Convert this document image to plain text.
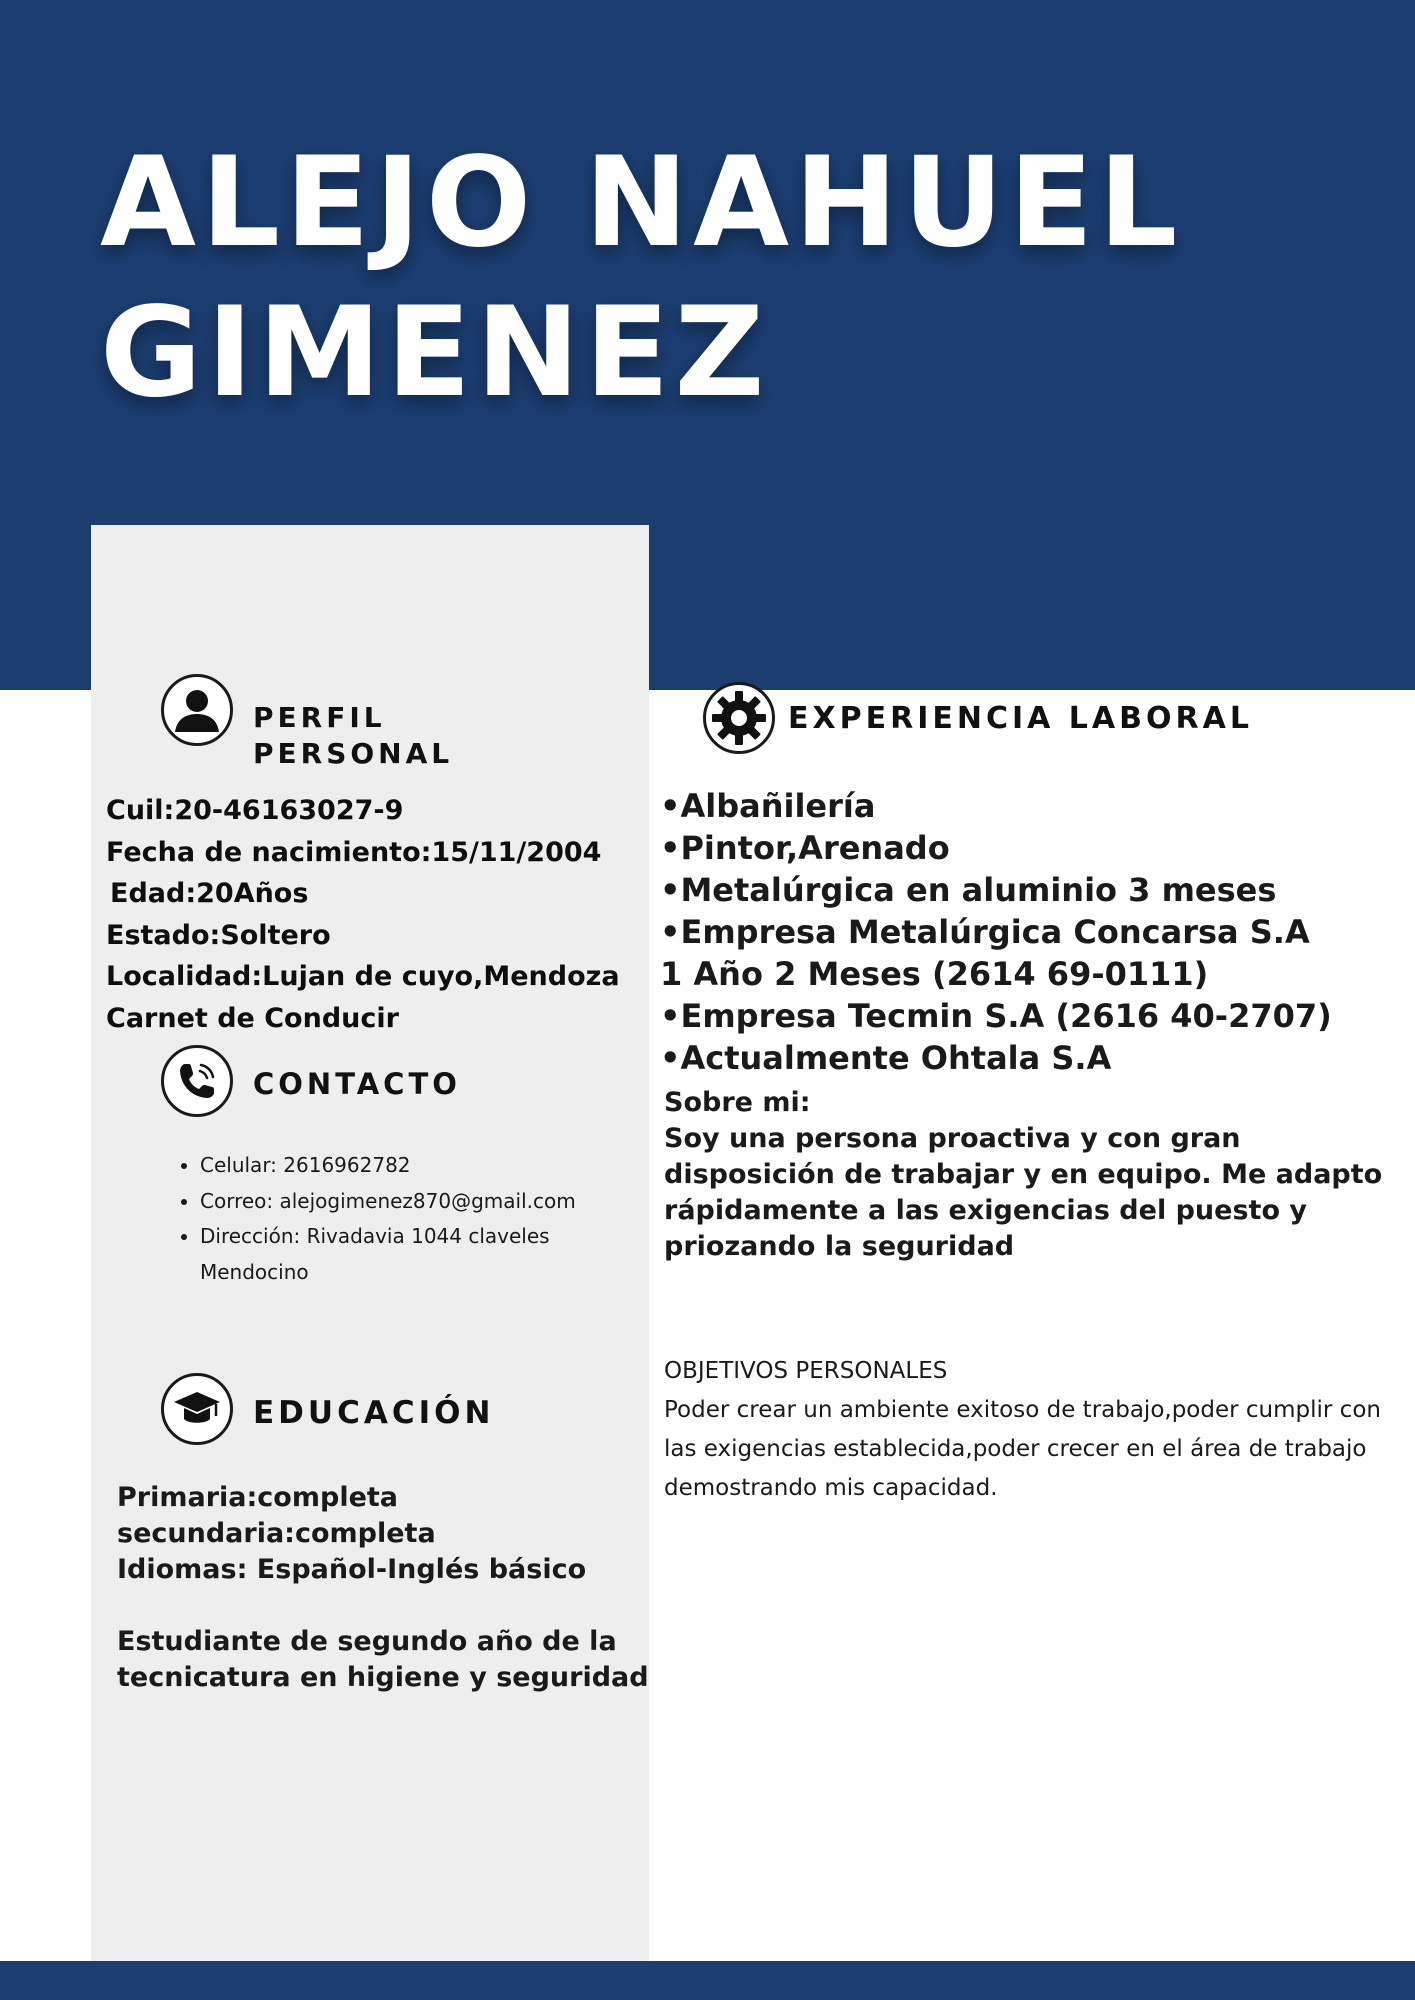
ALEJO NAHUEL
GIMENEZ
PERFIL
PERSONAL
Cuil:20-46163027-9
Fecha de nacimiento:15/11/2004
Edad:20Años
Estado:Soltero
Localidad:Lujan de cuyo,Mendoza
Carnet de Conducir
CONTACTO
• Celular: 2616962782
• Correo: alejogimenez870@gmail.com
• Dirección: Rivadavia 1044 claveles Mendocino
EDUCACIÓN
Primaria:completa
secundaria:completa
Idiomas: Español-Inglés básico
Estudiante de segundo año de la
tecnicatura en higiene y seguridad
EXPERIENCIA LABORAL
•Albañilería
•Pintor,Arenado
•Metalúrgica en aluminio 3 meses
•Empresa Metalúrgica Concarsa S.A
1 Año 2 Meses (2614 69-0111)
•Empresa Tecmin S.A (2616 40-2707)
•Actualmente Ohtala S.A
Sobre mi:
Soy una persona proactiva y con gran
disposición de trabajar y en equipo. Me adapto
rápidamente a las exigencias del puesto y
priozando la seguridad
OBJETIVOS PERSONALES
Poder crear un ambiente exitoso de trabajo,poder cumplir con
las exigencias establecida,poder crecer en el área de trabajo
demostrando mis capacidad.
